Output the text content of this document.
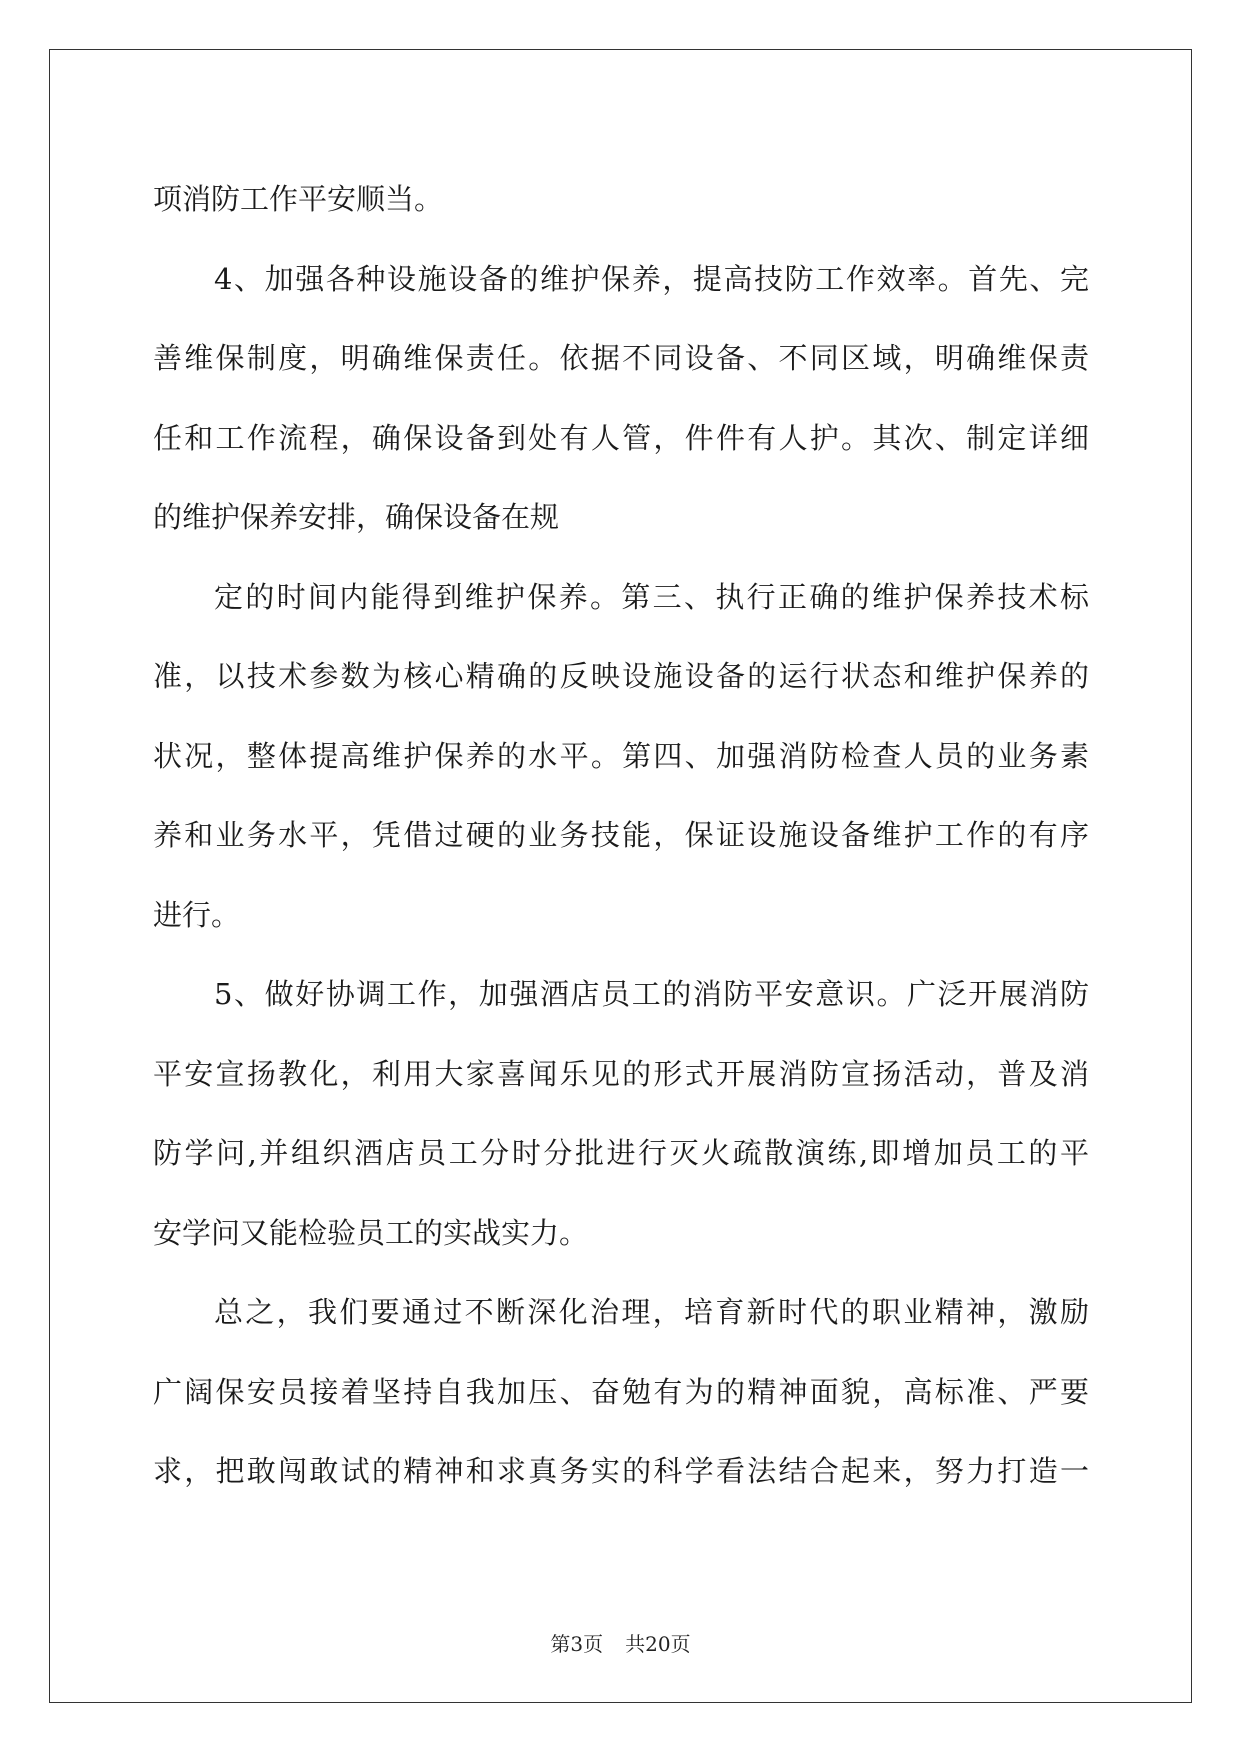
项消防工作平安顺当。
4、加强各种设施设备的维护保养，提高技防工作效率。首先、完
善维保制度，明确维保责任。依据不同设备、不同区域，明确维保责
任和工作流程，确保设备到处有人管，件件有人护。其次、制定详细
的维护保养安排，确保设备在规
定的时间内能得到维护保养。第三、执行正确的维护保养技术标
准，以技术参数为核心精确的反映设施设备的运行状态和维护保养的
状况，整体提高维护保养的水平。第四、加强消防检查人员的业务素
养和业务水平，凭借过硬的业务技能，保证设施设备维护工作的有序
进行。
5、做好协调工作，加强酒店员工的消防平安意识。广泛开展消防
平安宣扬教化，利用大家喜闻乐见的形式开展消防宣扬活动，普及消
防学问,并组织酒店员工分时分批进行灭火疏散演练,即增加员工的平
安学问又能检验员工的实战实力。
总之，我们要通过不断深化治理，培育新时代的职业精神，激励
广阔保安员接着坚持自我加压、奋勉有为的精神面貌，高标准、严要
求，把敢闯敢试的精神和求真务实的科学看法结合起来，努力打造一
第3页 共20页
